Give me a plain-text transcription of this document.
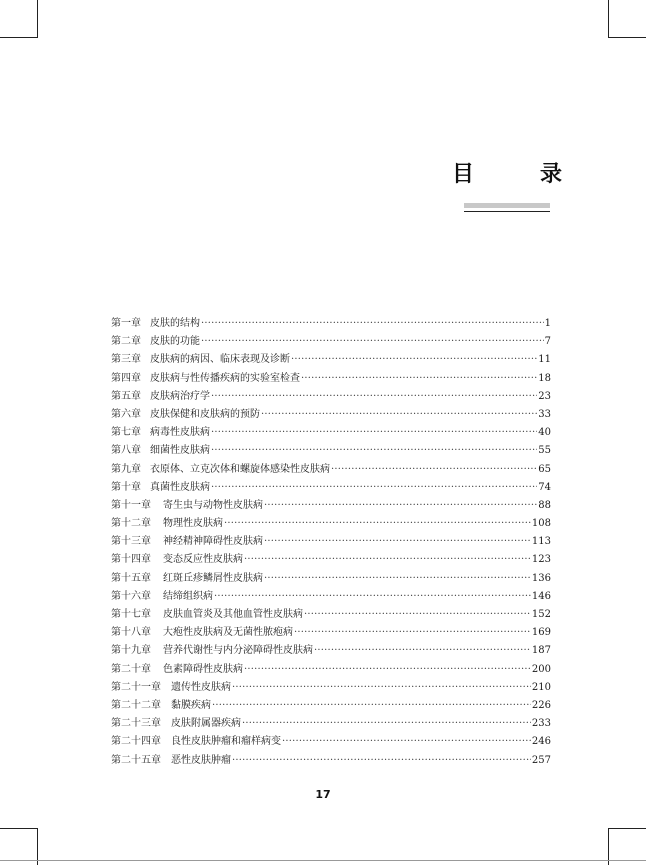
目	录
第一章 皮肤的结构 ·····	1
第二章 皮肤的功能 ·····	7
第三章 皮肤病的病因、临床表现及诊断 ·····	11
第四章 皮肤病与性传播疾病的实验室检查 ·····	18
第五章 皮肤病治疗学 ·····	23
第六章 皮肤保健和皮肤病的预防 ·····	33
第七章 病毒性皮肤病 ·····	40
第八章 细菌性皮肤病 ·····	55
第九章 衣原体、立克次体和螺旋体感染性皮肤病 ·····	65
第十章 真菌性皮肤病 ·····	74
第十一章 寄生虫与动物性皮肤病 ·····	88
第十二章 物理性皮肤病 ·····	108
第十三章 神经精神障碍性皮肤病 ·····	113
第十四章 变态反应性皮肤病 ·····	123
第十五章 红斑丘疹鳞屑性皮肤病 ·····	136
第十六章 结缔组织病 ·····	146
第十七章 皮肤血管炎及其他血管性皮肤病 ·····	152
第十八章 大疱性皮肤病及无菌性脓疱病 ·····	169
第十九章 营养代谢性与内分泌障碍性皮肤病 ·····	187
第二十章 色素障碍性皮肤病 ·····	200
第二十一章 遗传性皮肤病 ·····	210
第二十二章 黏膜疾病 ·····	226
第二十三章 皮肤附属器疾病 ·····	233
第二十四章 良性皮肤肿瘤和瘤样病变 ·····	246
第二十五章 恶性皮肤肿瘤 ·····	257
17
